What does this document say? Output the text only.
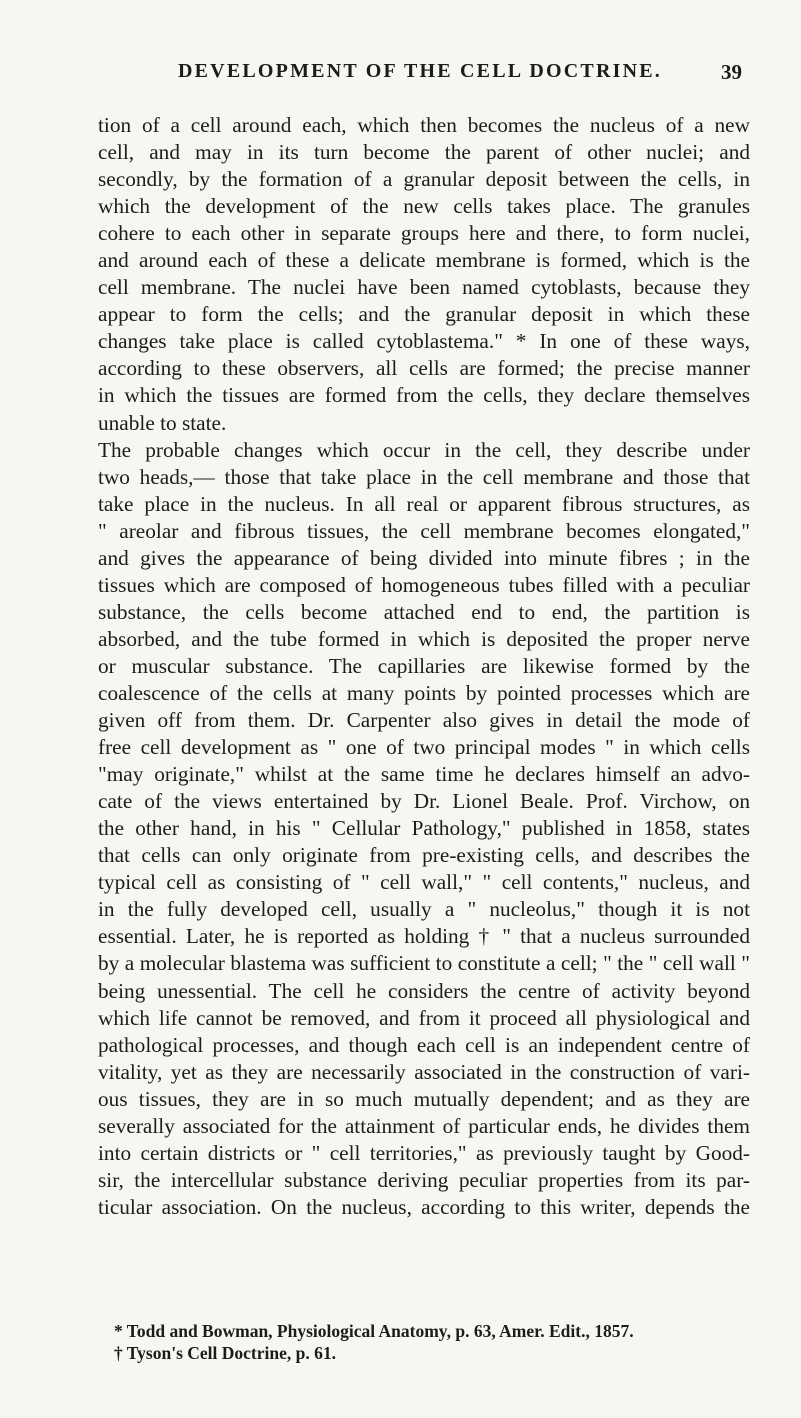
DEVELOPMENT OF THE CELL DOCTRINE.	39
tion of a cell around each, which then becomes the nucleus of a new
cell, and may in its turn become the parent of other nuclei; and
secondly, by the formation of a granular deposit between the cells, in
which the development of the new cells takes place. The granules
cohere to each other in separate groups here and there, to form nuclei,
and around each of these a delicate membrane is formed, which is the
cell membrane. The nuclei have been named cytoblasts, because they
appear to form the cells; and the granular deposit in which these
changes take place is called cytoblastema." * In one of these ways,
according to these observers, all cells are formed; the precise manner
in which the tissues are formed from the cells, they declare themselves
unable to state.
The probable changes which occur in the cell, they describe under
two heads,— those that take place in the cell membrane and those that
take place in the nucleus. In all real or apparent fibrous structures, as
" areolar and fibrous tissues, the cell membrane becomes elongated,"
and gives the appearance of being divided into minute fibres ; in the
tissues which are composed of homogeneous tubes filled with a peculiar
substance, the cells become attached end to end, the partition is
absorbed, and the tube formed in which is deposited the proper nerve
or muscular substance. The capillaries are likewise formed by the
coalescence of the cells at many points by pointed processes which are
given off from them. Dr. Carpenter also gives in detail the mode of
free cell development as " one of two principal modes " in which cells
"may originate," whilst at the same time he declares himself an advo-
cate of the views entertained by Dr. Lionel Beale. Prof. Virchow, on
the other hand, in his " Cellular Pathology," published in 1858, states
that cells can only originate from pre-existing cells, and describes the
typical cell as consisting of " cell wall," " cell contents," nucleus, and
in the fully developed cell, usually a " nucleolus," though it is not
essential. Later, he is reported as holding † " that a nucleus surrounded
by a molecular blastema was sufficient to constitute a cell; " the " cell wall "
being unessential. The cell he considers the centre of activity beyond
which life cannot be removed, and from it proceed all physiological and
pathological processes, and though each cell is an independent centre of
vitality, yet as they are necessarily associated in the construction of vari-
ous tissues, they are in so much mutually dependent; and as they are
severally associated for the attainment of particular ends, he divides them
into certain districts or " cell territories," as previously taught by Good-
sir, the intercellular substance deriving peculiar properties from its par-
ticular association. On the nucleus, according to this writer, depends the
* Todd and Bowman, Physiological Anatomy, p. 63, Amer. Edit., 1857.
† Tyson's Cell Doctrine, p. 61.
